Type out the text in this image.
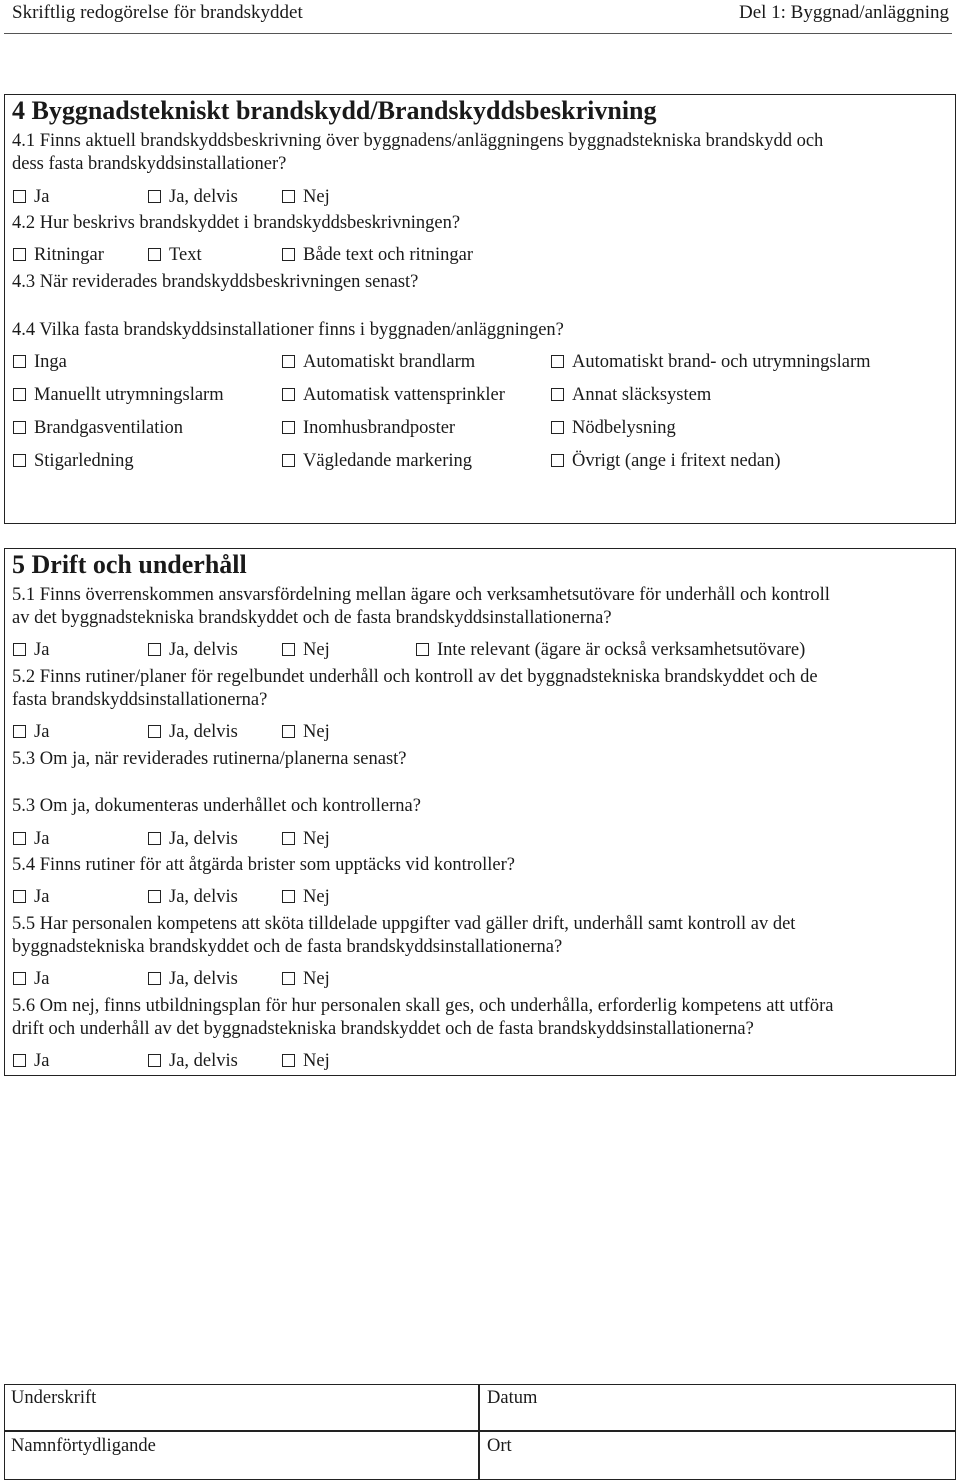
Skriftlig redogörelse för brandskyddet	Del 1: Byggnad/anläggning
4 Byggnadstekniskt brandskydd/Brandskyddsbeskrivning
4.1 Finns aktuell brandskyddsbeskrivning över byggnadens/anläggningens byggnadstekniska brandskydd och
dess fasta brandskyddsinstallationer?
Ja	Ja, delvis	Nej
4.2 Hur beskrivs brandskyddet i brandskyddsbeskrivningen?
Ritningar	Text	Både text och ritningar
4.3 När reviderades brandskyddsbeskrivningen senast?
4.4 Vilka fasta brandskyddsinstallationer finns i byggnaden/anläggningen?
Inga	Automatiskt brandlarm	Automatiskt brand- och utrymningslarm
Manuellt utrymningslarm	Automatisk vattensprinkler	Annat släcksystem
Brandgasventilation	Inomhusbrandposter	Nödbelysning
Stigarledning	Vägledande markering	Övrigt (ange i fritext nedan)
5 Drift och underhåll
5.1 Finns överrenskommen ansvarsfördelning mellan ägare och verksamhetsutövare för underhåll och kontroll
av det byggnadstekniska brandskyddet och de fasta brandskyddsinstallationerna?
Ja	Ja, delvis	Nej	Inte relevant (ägare är också verksamhetsutövare)
5.2 Finns rutiner/planer för regelbundet underhåll och kontroll av det byggnadstekniska brandskyddet och de
fasta brandskyddsinstallationerna?
Ja	Ja, delvis	Nej
5.3 Om ja, när reviderades rutinerna/planerna senast?
5.3 Om ja, dokumenteras underhållet och kontrollerna?
Ja	Ja, delvis	Nej
5.4 Finns rutiner för att åtgärda brister som upptäcks vid kontroller?
Ja	Ja, delvis	Nej
5.5 Har personalen kompetens att sköta tilldelade uppgifter vad gäller drift, underhåll samt kontroll av det
byggnadstekniska brandskyddet och de fasta brandskyddsinstallationerna?
Ja	Ja, delvis	Nej
5.6 Om nej, finns utbildningsplan för hur personalen skall ges, och underhålla, erforderlig kompetens att utföra
drift och underhåll av det byggnadstekniska brandskyddet och de fasta brandskyddsinstallationerna?
Ja	Ja, delvis	Nej
Underskrift	Datum
Namnförtydligande	Ort
